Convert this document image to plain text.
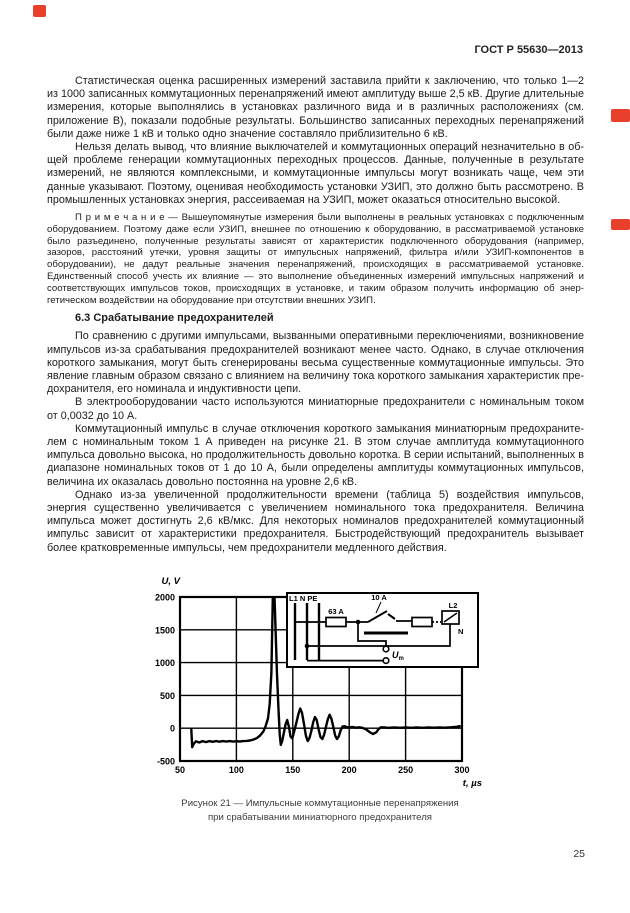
ГОСТ Р 55630—2013

Статистическая оценка расширенных измерений заставила прийти к заключению, что только 1—2 из 1000 записанных коммутационных перенапряжений имеют амплитуду выше 2,5 кВ. Другие длительные измерения, которые выполнялись в установках различного вида и в различных расположениях (см. приложение В), показали подобные результаты. Большинство записанных переходных перенапряжений были даже ниже 1 кВ и только одно значение составляло приблизительно 6 кВ.

Нельзя делать вывод, что влияние выключателей и коммутационных операций незначительно в общей проблеме генерации коммутационных переходных процессов. Данные, полученные в результате измерений, не являются комплексными, и коммутационные импульсы могут возникать чаще, чем эти данные указывают. Поэтому, оценивая необходимость установки УЗИП, это должно быть рассмотрено. В промышленных установках энергия, рассеиваемая на УЗИП, может оказаться относительно высокой.

П р и м е ч а н и е — Вышеупомянутые измерения были выполнены в реальных установках с подключенным оборудованием. Поэтому даже если УЗИП, внешнее по отношению к оборудованию, в рассматриваемой установке было разъединено, полученные результаты зависят от характеристик подключенного оборудования (например, зазоров, расстояний утечки, уровня защиты от импульсных напряжений, фильтра и/или УЗИП-компонентов в оборудовании), не дадут реальные значения перенапряжений, происходящих в рассматриваемой установке. Единственный способ учесть их влияние — это выполнение объединенных измерений импульсных напряжений и соответствующих импульсов токов, происходящих в установке, и таким образом получить информацию об энергетическом воздействии на оборудование при отсутствии внешних УЗИП.

6.3 Срабатывание предохранителей

По сравнению с другими импульсами, вызванными оперативными переключениями, возникновение импульсов из-за срабатывания предохранителей возникают менее часто. Однако, в случае отключения короткого замыкания, могут быть сгенерированы весьма существенные коммутационные импульсы. Это явление главным образом связано с влиянием на величину тока короткого замыкания характеристик предохранителя, его номинала и индуктивности цепи.

В электрооборудовании часто используются миниатюрные предохранители с номинальным током от 0,0032 до 10 А.

Коммутационный импульс в случае отключения короткого замыкания миниатюрным предохранителем с номинальным током 1 А приведен на рисунке 21. В этом случае амплитуда коммутационного импульса довольно высока, но продолжительность довольно коротка. В серии испытаний, выполненных в диапазоне номинальных токов от 1 до 10 А, были определены амплитуды коммутационных импульсов, величина их оказалась довольно постоянна на уровне 2,6 кВ.

Однако из-за увеличенной продолжительности времени (таблица 5) воздействия импульсов, энергия существенно увеличивается с увеличением номинального тока предохранителя. Величина импульса может достигнуть 2,6 кВ/мкс. Для некоторых номиналов предохранителей коммутационный импульс зависит от характеристики предохранителя. Быстродействующий предохранитель вызывает более кратковременные импульсы, чем предохранители медленного действия.

2000
1500
1000
500
0
-500
50	100	150	200	250	300
U, V
t, µs
L1 N PE
63 A
10 A
L2
N
$U_m$
Рисунок 21 — Импульсные коммутационные перенапряжения
при срабатывании миниатюрного предохранителя
25
